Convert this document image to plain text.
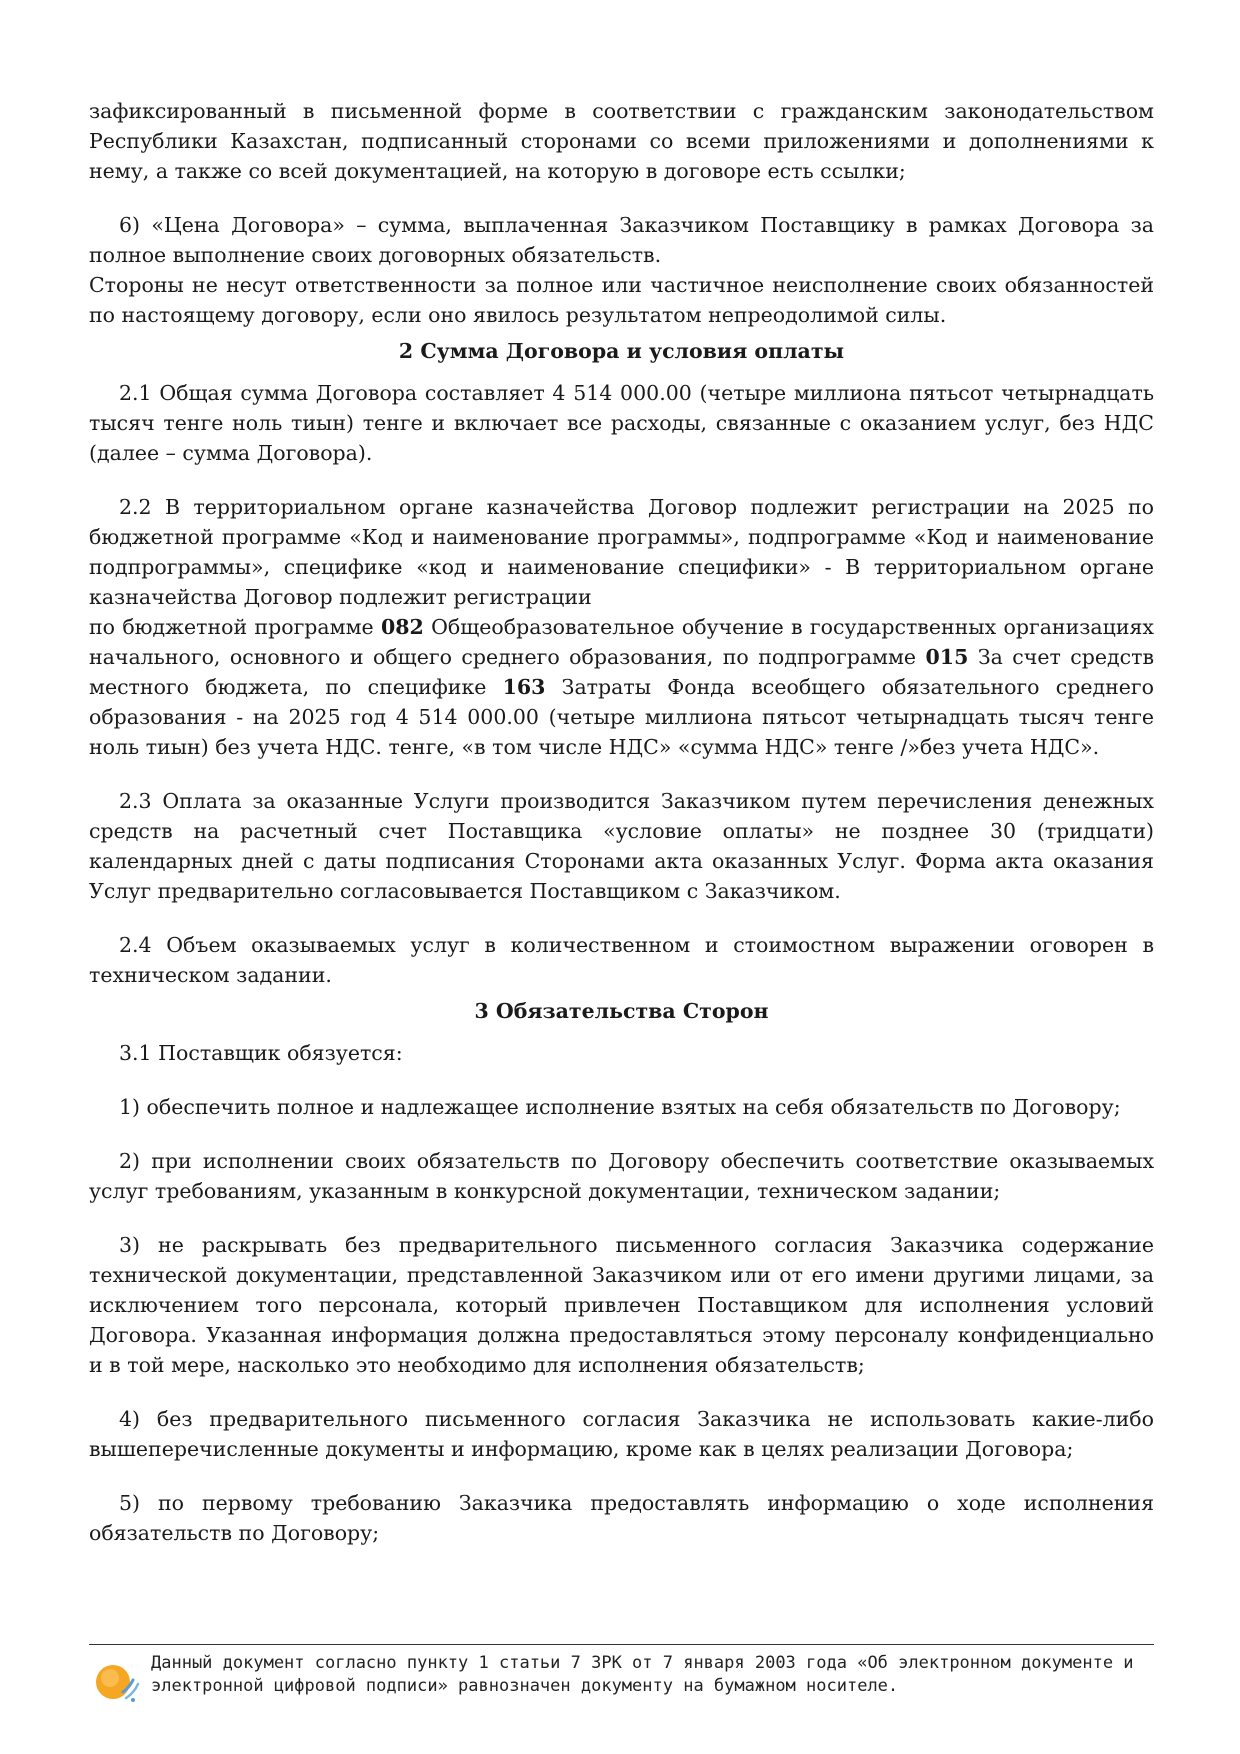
зафиксированный в письменной форме в соответствии с гражданским законодательством Республики Казахстан, подписанный сторонами со всеми приложениями и дополнениями к нему, а также со всей документацией, на которую в договоре есть ссылки;

6) «Цена Договора» – сумма, выплаченная Заказчиком Поставщику в рамках Договора за полное выполнение своих договорных обязательств.

Стороны не несут ответственности за полное или частичное неисполнение своих обязанностей по настоящему договору, если оно явилось результатом непреодолимой силы.

2 Сумма Договора и условия оплаты

2.1 Общая сумма Договора составляет 4 514 000.00 (четыре миллиона пятьсот четырнадцать тысяч тенге ноль тиын) тенге и включает все расходы, связанные с оказанием услуг, без НДС (далее – сумма Договора).

2.2 В территориальном органе казначейства Договор подлежит регистрации на 2025 по бюджетной программе «Код и наименование программы», подпрограмме «Код и наименование подпрограммы», специфике «код и наименование специфики» - В территориальном органе казначейства Договор подлежит регистрации

по бюджетной программе 082 Общеобразовательное обучение в государственных организациях начального, основного и общего среднего образования, по подпрограмме 015 За счет средств местного бюджета, по специфике 163 Затраты Фонда всеобщего обязательного среднего образования - на 2025 год 4 514 000.00 (четыре миллиона пятьсот четырнадцать тысяч тенге ноль тиын) без учета НДС. тенге, «в том числе НДС» «сумма НДС» тенге /»без учета НДС».

2.3 Оплата за оказанные Услуги производится Заказчиком путем перечисления денежных средств на расчетный счет Поставщика «условие оплаты» не позднее 30 (тридцати) календарных дней с даты подписания Сторонами акта оказанных Услуг. Форма акта оказания Услуг предварительно согласовывается Поставщиком с Заказчиком.

2.4 Объем оказываемых услуг в количественном и стоимостном выражении оговорен в техническом задании.

3 Обязательства Сторон

3.1 Поставщик обязуется:

1) обеспечить полное и надлежащее исполнение взятых на себя обязательств по Договору;

2) при исполнении своих обязательств по Договору обеспечить соответствие оказываемых услуг требованиям, указанным в конкурсной документации, техническом задании;

3) не раскрывать без предварительного письменного согласия Заказчика содержание технической документации, представленной Заказчиком или от его имени другими лицами, за исключением того персонала, который привлечен Поставщиком для исполнения условий Договора. Указанная информация должна предоставляться этому персоналу конфиденциально и в той мере, насколько это необходимо для исполнения обязательств;

4) без предварительного письменного согласия Заказчика не использовать какие-либо вышеперечисленные документы и информацию, кроме как в целях реализации Договора;

5) по первому требованию Заказчика предоставлять информацию о ходе исполнения обязательств по Договору;

Данный документ согласно пункту 1 статьи 7 ЗРК от 7 января 2003 года «Об электронном документе и электронной цифровой подписи» равнозначен документу на бумажном носителе.
